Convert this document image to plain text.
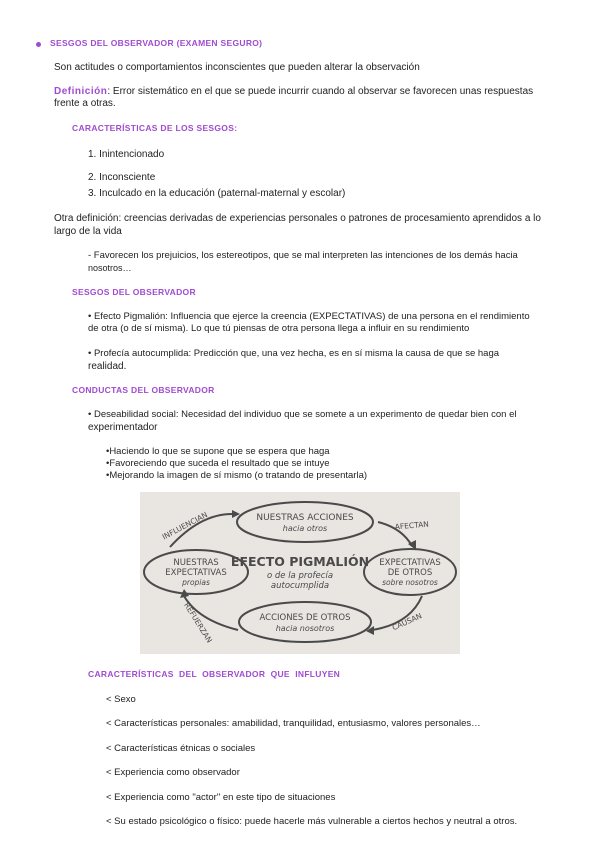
SESGOS DEL OBSERVADOR (EXAMEN SEGURO)
Son actitudes o comportamientos inconscientes que pueden alterar la observación
Definición: Error sistemático en el que se puede incurrir cuando al observar se favorecen unas respuestas
frente a otras.
CARACTERÍSTICAS DE LOS SESGOS:
1. Inintencionado
2. Inconsciente
3. Inculcado en la educación (paternal-maternal y escolar)
Otra definición: creencias derivadas de experiencias personales o patrones de procesamiento aprendidos a lo
largo de la vida
- Favorecen los prejuicios, los estereotipos, que se mal interpreten las intenciones de los demás hacia
nosotros…
SESGOS DEL OBSERVADOR
• Efecto Pigmalión: Influencia que ejerce la creencia (EXPECTATIVAS) de una persona en el rendimiento
de otra (o de sí misma). Lo que tú piensas de otra persona llega a influir en su rendimiento
• Profecía autocumplida: Predicción que, una vez hecha, es en sí misma la causa de que se haga
realidad.
CONDUCTAS DEL OBSERVADOR
• Deseabilidad social: Necesidad del individuo que se somete a un experimento de quedar bien con el
experimentador
•Haciendo lo que se supone que se espera que haga
•Favoreciendo que suceda el resultado que se intuye
•Mejorando la imagen de sí mismo (o tratando de presentarla)
NUESTRAS ACCIONES
hacia otros
NUESTRAS
EXPECTATIVAS
propias
EXPECTATIVAS
DE OTROS
sobre nosotros
ACCIONES DE OTROS
hacia nosotros
EFECTO PIGMALIÓN
o de la profecía
autocumplida
INFLUENCIAN	AFECTAN
CAUSAN
REFUERZAN
CARACTERÍSTICAS  DEL  OBSERVADOR  QUE  INFLUYEN
< Sexo
< Características personales: amabilidad, tranquilidad, entusiasmo, valores personales…
< Características étnicas o sociales
< Experiencia como observador
< Experiencia como "actor" en este tipo de situaciones
< Su estado psicológico o físico: puede hacerle más vulnerable a ciertos hechos y neutral a otros.
